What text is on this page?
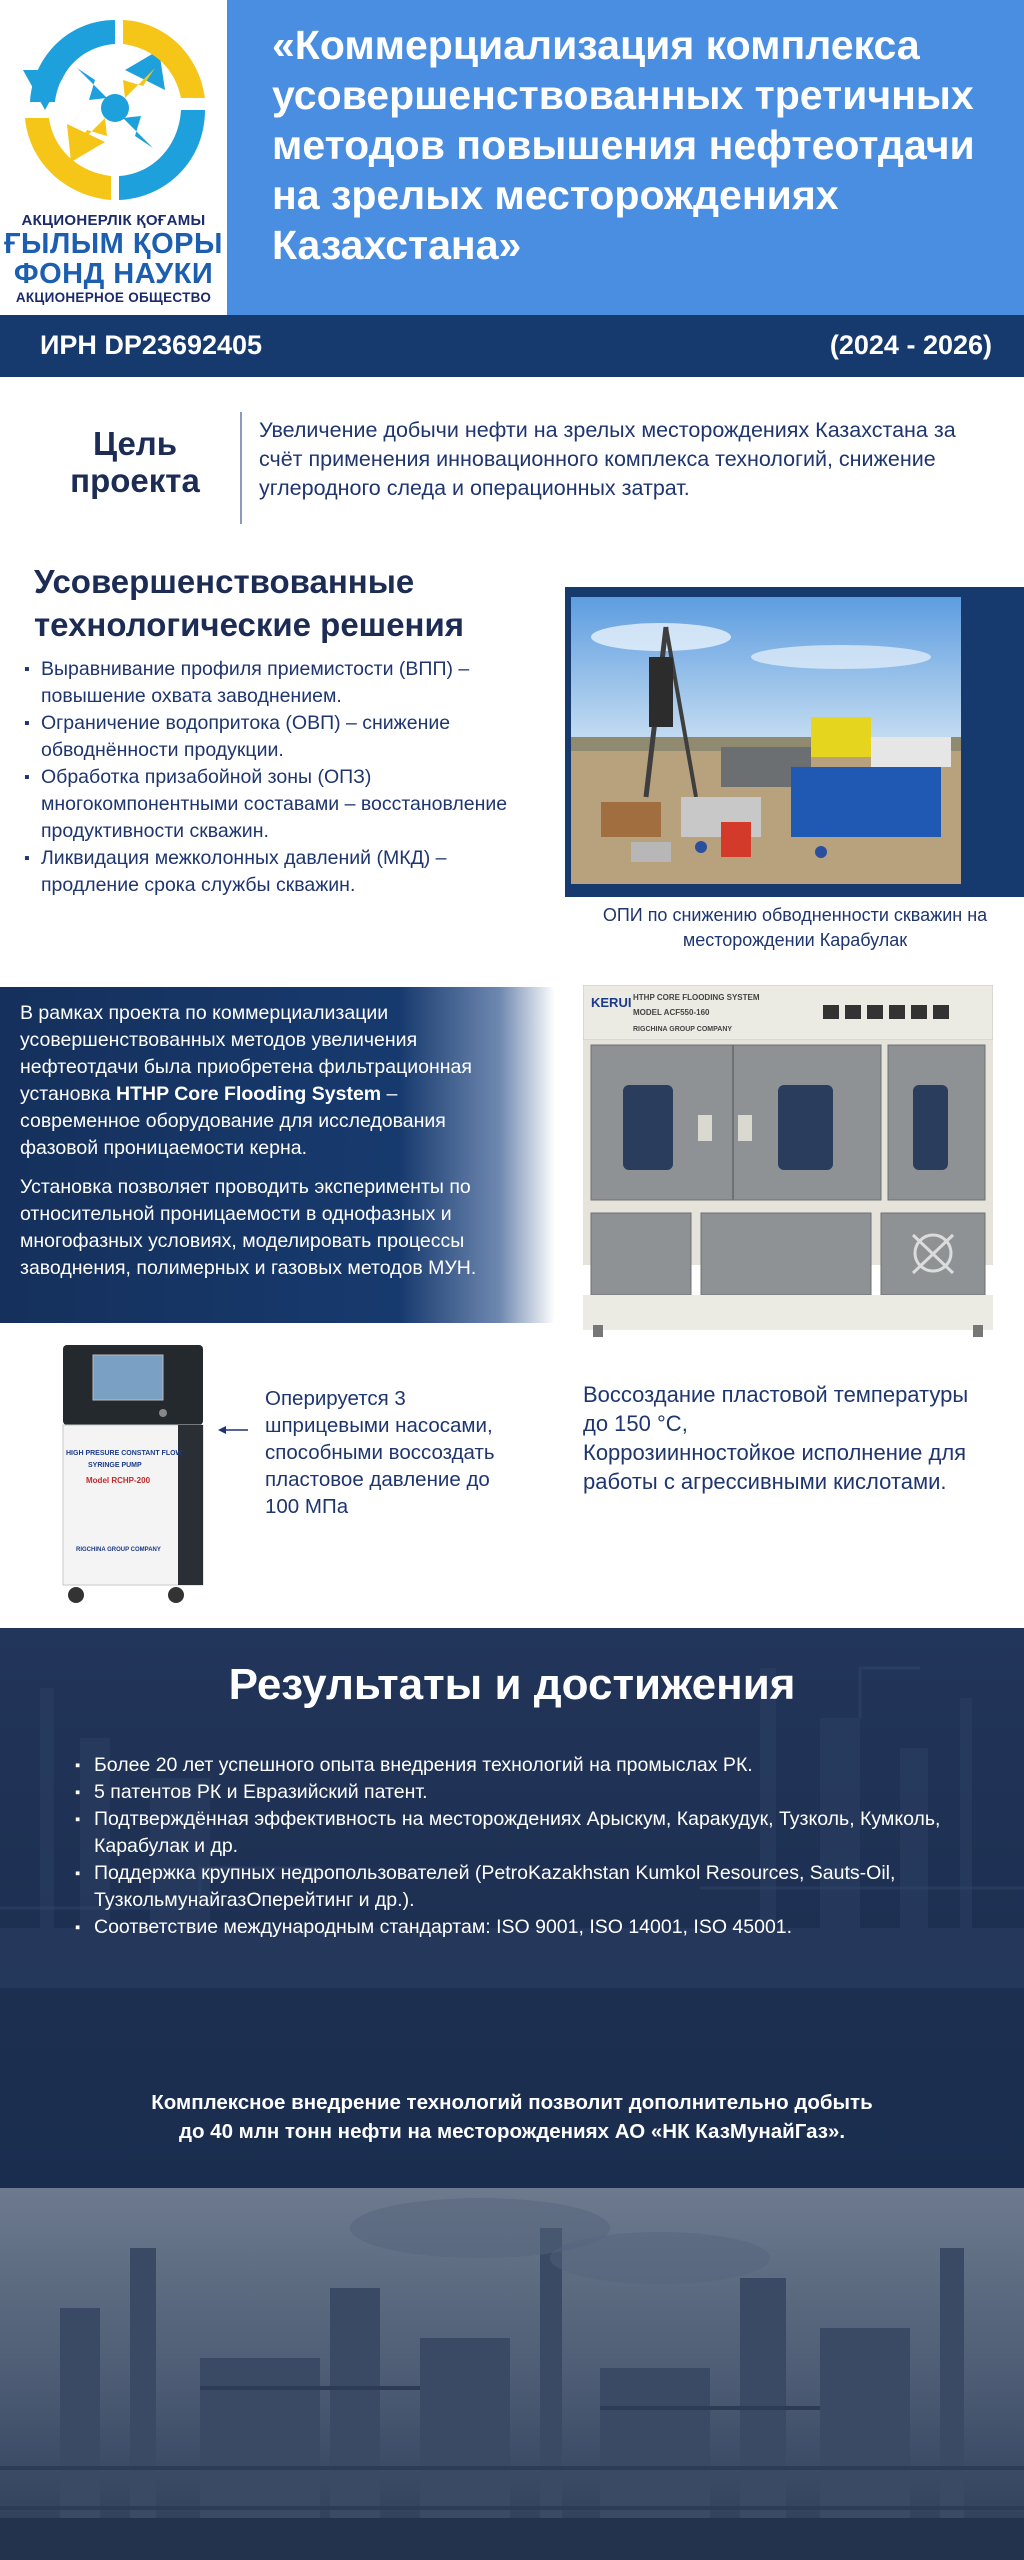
АКЦИОНЕРЛІК ҚОҒАМЫ
ҒЫЛЫМ ҚОРЫ
ФОНД НАУКИ
АКЦИОНЕРНОЕ ОБЩЕСТВО
«Коммерциализация комплекса усовершенствованных третичных методов повышения нефтеотдачи на зрелых месторождениях Казахстана»
ИРН DP23692405	(2024 - 2026)
Цель проекта
Увеличение добычи нефти на зрелых месторождениях Казахстана за счёт применения инновационного комплекса технологий, снижение углеродного следа и операционных затрат.
Усовершенствованные технологические решения
▪ Выравнивание профиля приемистости (ВПП) – повышение охвата заводнением.
▪ Ограничение водопритока (ОВП) – снижение обводнённости продукции.
▪ Обработка призабойной зоны (ОПЗ) многокомпонентными составами – восстановление продуктивности скважин.
▪ Ликвидация межколонных давлений (МКД) – продление срока службы скважин.
ОПИ по снижению обводненности скважин на месторождении Карабулак

В рамках проекта по коммерциализации усовершенствованных методов увеличения нефтеотдачи была приобретена фильтрационная установка HTHP Core Flooding System – современное оборудование для исследования фазовой проницаемости керна.

Установка позволяет проводить эксперименты по относительной проницаемости в однофазных и многофазных условиях, моделировать процессы заводнения, полимерных и газовых методов МУН.

KERUI HTHP CORE FLOODING SYSTEM
MODEL ACF550-160
RIGCHINA GROUP COMPANY
HIGH PRESURE CONSTANT FLOW
SYRINGE PUMP
Model RCHP-200
RIGCHINA GROUP COMPANY
Оперируется 3 шприцевыми насосами, способными воссоздать пластовое давление до 100 МПа
Воссоздание пластовой температуры
до 150 °C,
Коррозиинностойкое исполнение для работы с агрессивными кислотами.
Результаты и достижения
▪ Более 20 лет успешного опыта внедрения технологий на промыслах РК.
▪ 5 патентов РК и Евразийский патент.
▪ Подтверждённая эффективность на месторождениях Арыскум, Каракудук, Тузколь, Кумколь, Карабулак и др.
▪ Поддержка крупных недропользователей (PetroKazakhstan Kumkol Resources, Sauts-Oil, ТузкольмунайгазОперейтинг и др.).
▪ Соответствие международным стандартам: ISO 9001, ISO 14001, ISO 45001.
Комплексное внедрение технологий позволит дополнительно добыть
до 40 млн тонн нефти на месторождениях АО «НК КазМунайГаз».
